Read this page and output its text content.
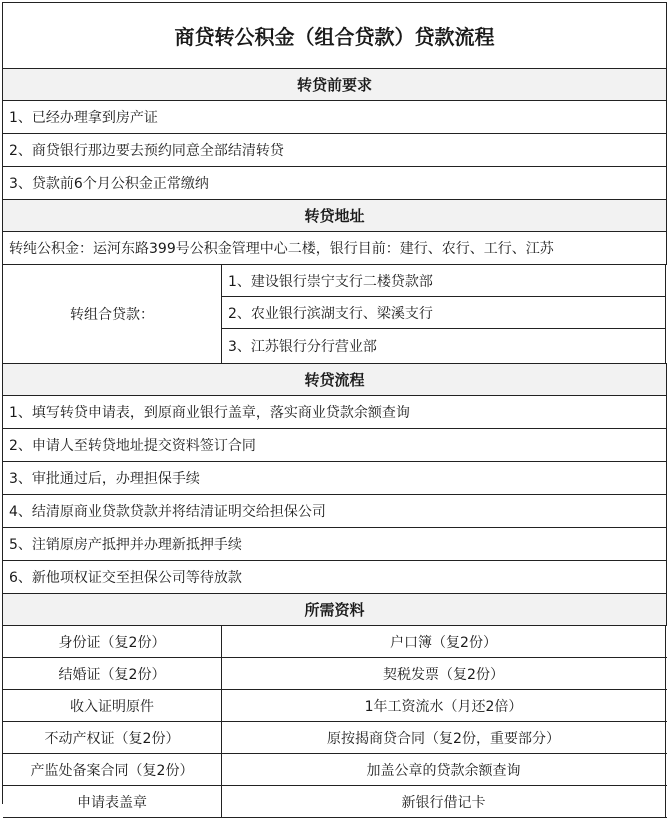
商贷转公积金（组合贷款）贷款流程
转贷前要求
1、已经办理拿到房产证
2、商贷银行那边要去预约同意全部结清转贷
3、贷款前6个月公积金正常缴纳
转贷地址
转纯公积金：运河东路399号公积金管理中心二楼，银行目前：建行、农行、工行、江苏
转组合贷款：
1、建设银行崇宁支行二楼贷款部
2、农业银行滨湖支行、梁溪支行
3、江苏银行分行营业部
转贷流程
1、填写转贷申请表，到原商业银行盖章，落实商业贷款余额查询
2、申请人至转贷地址提交资料签订合同
3、审批通过后，办理担保手续
4、结清原商业贷款贷款并将结清证明交给担保公司
5、注销原房产抵押并办理新抵押手续
6、新他项权证交至担保公司等待放款
所需资料
身份证（复2份）	户口簿（复2份）
结婚证（复2份）	契税发票（复2份）
收入证明原件	1年工资流水（月还2倍）
不动产权证（复2份）	原按揭商贷合同（复2份，重要部分）
产监处备案合同（复2份）	加盖公章的贷款余额查询
申请表盖章	新银行借记卡
